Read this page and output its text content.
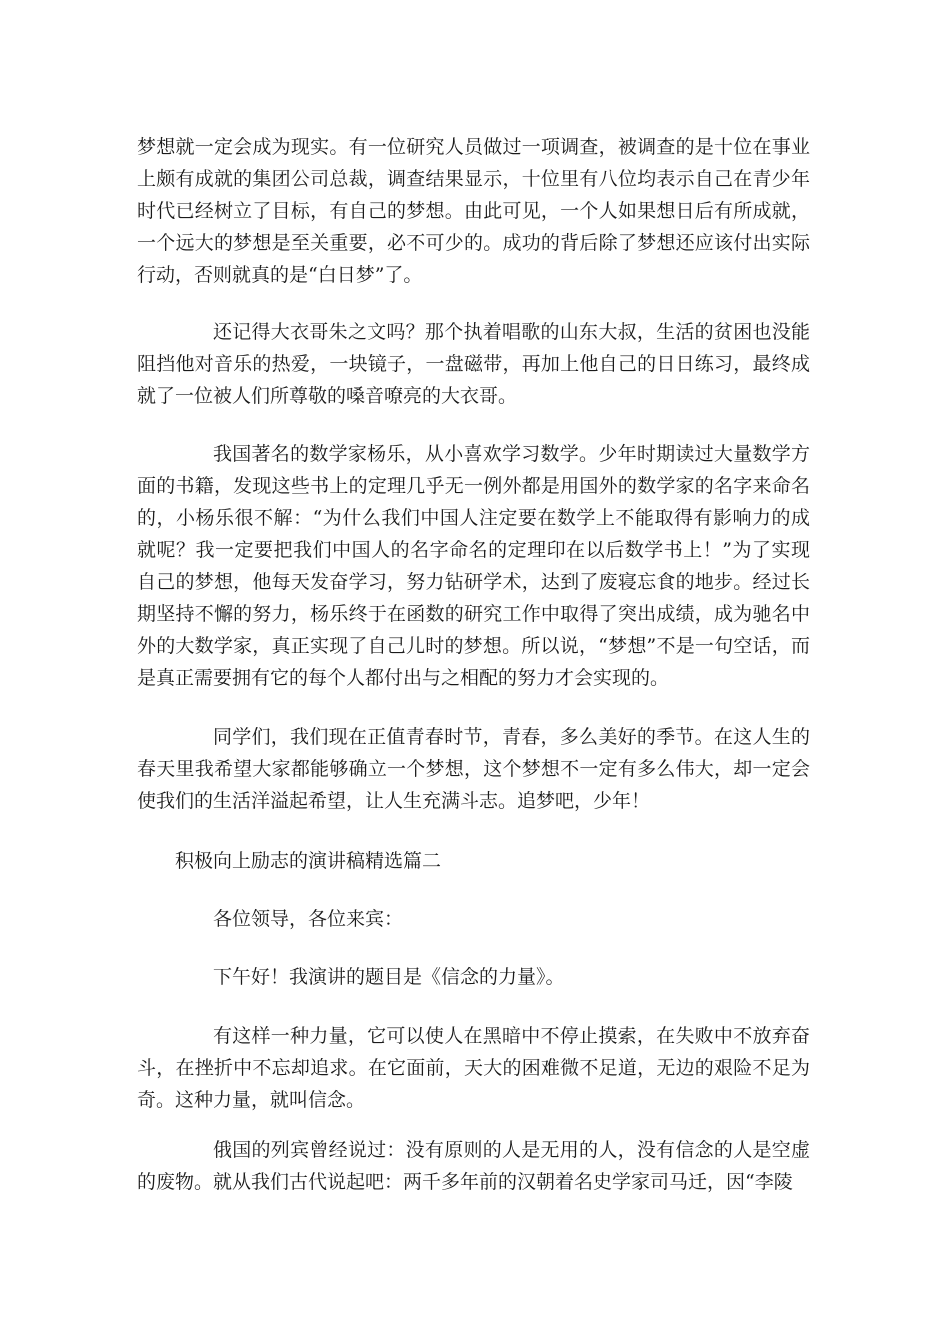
梦想就一定会成为现实。有一位研究人员做过一项调查，被调查的是十位在事业上颇有成就的集团公司总裁，调查结果显示，十位里有八位均表示自己在青少年时代已经树立了目标，有自己的梦想。由此可见，一个人如果想日后有所成就，一个远大的梦想是至关重要，必不可少的。成功的背后除了梦想还应该付出实际行动，否则就真的是“白日梦”了。

还记得大衣哥朱之文吗？那个执着唱歌的山东大叔，生活的贫困也没能阻挡他对音乐的热爱，一块镜子，一盘磁带，再加上他自己的日日练习，最终成就了一位被人们所尊敬的嗓音嘹亮的大衣哥。

我国著名的数学家杨乐，从小喜欢学习数学。少年时期读过大量数学方面的书籍，发现这些书上的定理几乎无一例外都是用国外的数学家的名字来命名的，小杨乐很不解：“为什么我们中国人注定要在数学上不能取得有影响力的成就呢？我一定要把我们中国人的名字命名的定理印在以后数学书上！”为了实现自己的梦想，他每天发奋学习，努力钻研学术，达到了废寝忘食的地步。经过长期坚持不懈的努力，杨乐终于在函数的研究工作中取得了突出成绩，成为驰名中外的大数学家，真正实现了自己儿时的梦想。所以说，“梦想”不是一句空话，而是真正需要拥有它的每个人都付出与之相配的努力才会实现的。

同学们，我们现在正值青春时节，青春，多么美好的季节。在这人生的春天里我希望大家都能够确立一个梦想，这个梦想不一定有多么伟大，却一定会使我们的生活洋溢起希望，让人生充满斗志。追梦吧，少年！

积极向上励志的演讲稿精选篇二

各位领导，各位来宾：

下午好！我演讲的题目是《信念的力量》。

有这样一种力量，它可以使人在黑暗中不停止摸索，在失败中不放弃奋斗，在挫折中不忘却追求。在它面前，天大的困难微不足道，无边的艰险不足为奇。这种力量，就叫信念。

俄国的列宾曾经说过：没有原则的人是无用的人，没有信念的人是空虚的废物。就从我们古代说起吧：两千多年前的汉朝着名史学家司马迁，因“李陵
